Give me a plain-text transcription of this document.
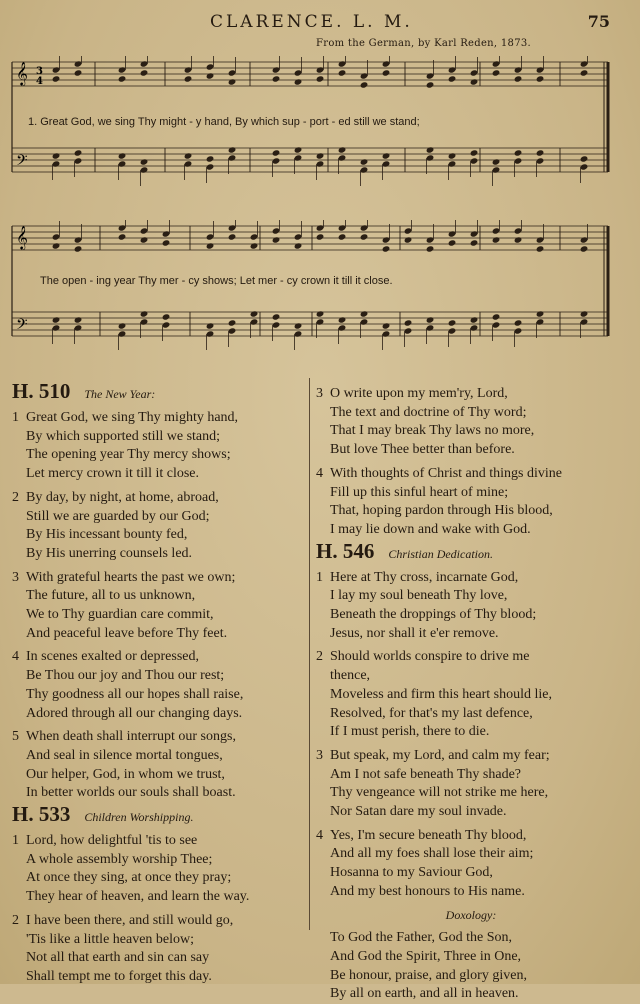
CLARENCE. L. M.	75
From the German, by Karl Reden, 1873.
𝄞
𝄢
3
4
1. Great God, we sing Thy might - y hand, By which sup - port - ed still we stand;
𝄞
𝄢
The open - ing year Thy mer - cy shows; Let mer - cy crown it till it close.
H. 510 The New Year:
1 Great God, we sing Thy mighty hand,
By which supported still we stand;
The opening year Thy mercy shows;
Let mercy crown it till it close.
2 By day, by night, at home, abroad,
Still we are guarded by our God;
By His incessant bounty fed,
By His unerring counsels led.
3 With grateful hearts the past we own;
The future, all to us unknown,
We to Thy guardian care commit,
And peaceful leave before Thy feet.
4 In scenes exalted or depressed,
Be Thou our joy and Thou our rest;
Thy goodness all our hopes shall raise,
Adored through all our changing days.
5 When death shall interrupt our songs,
And seal in silence mortal tongues,
Our helper, God, in whom we trust,
In better worlds our souls shall boast.
H. 533 Children Worshipping.
1 Lord, how delightful 'tis to see
A whole assembly worship Thee;
At once they sing, at once they pray;
They hear of heaven, and learn the way.
2 I have been there, and still would go,
'Tis like a little heaven below;
Not all that earth and sin can say
Shall tempt me to forget this day.
3 O write upon my mem'ry, Lord,
The text and doctrine of Thy word;
That I may break Thy laws no more,
But love Thee better than before.
4 With thoughts of Christ and things divine
Fill up this sinful heart of mine;
That, hoping pardon through His blood,
I may lie down and wake with God.
H. 546 Christian Dedication.
1 Here at Thy cross, incarnate God,
I lay my soul beneath Thy love,
Beneath the droppings of Thy blood;
Jesus, nor shall it e'er remove.
2 Should worlds conspire to drive me
thence,
Moveless and firm this heart should lie,
Resolved, for that's my last defence,
If I must perish, there to die.
3 But speak, my Lord, and calm my fear;
Am I not safe beneath Thy shade?
Thy vengeance will not strike me here,
Nor Satan dare my soul invade.
4 Yes, I'm secure beneath Thy blood,
And all my foes shall lose their aim;
Hosanna to my Saviour God,
And my best honours to His name.
Doxology:
To God the Father, God the Son,
And God the Spirit, Three in One,
Be honour, praise, and glory given,
By all on earth, and all in heaven.
